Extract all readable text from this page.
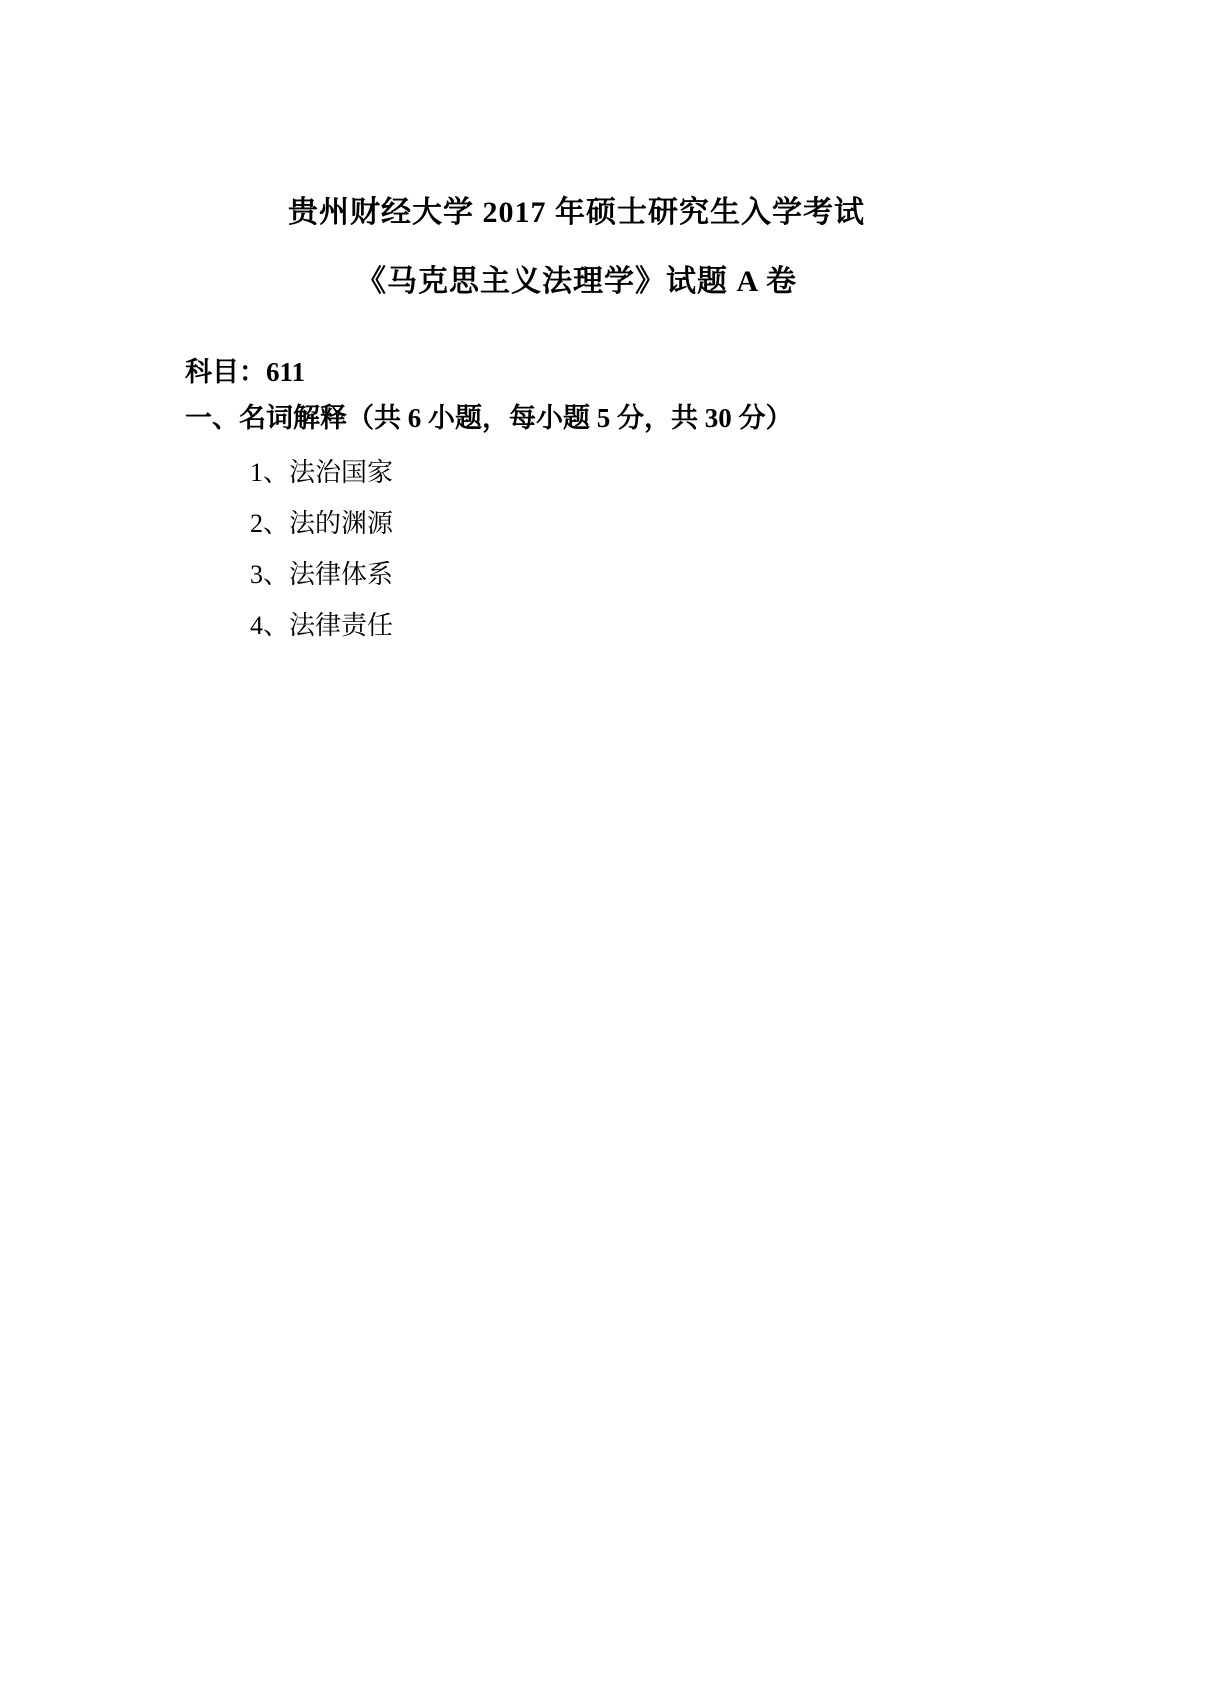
贵州财经大学 2017 年硕士研究生入学考试
《马克思主义法理学》试题 A 卷
科目：611
一、名词解释（共 6 小题，每小题 5 分，共 30 分）
1、法治国家
2、法的渊源
3、法律体系
4、法律责任
